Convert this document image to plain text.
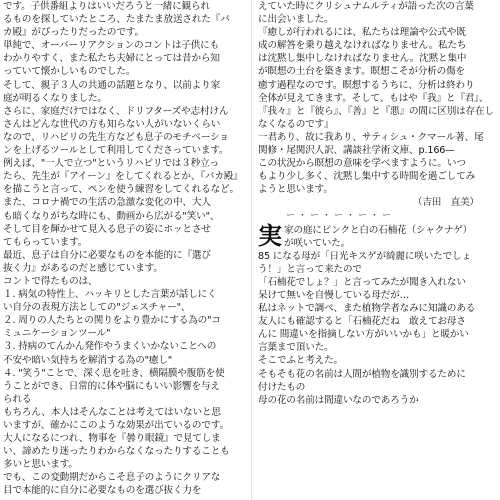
です。子供番組よりはいいだろうと一緒に観られ
るものを探していたところ、たまたま放送された『バ
カ殿』がぴったりだったのです。
単純で、オーバーリアクションのコントは子供にも
わかりやすく、また私たち夫婦にとっては昔から知
っていて懐かしいものでした。
そして、親子３人の共通の話題となり、以前より家
庭が明るくなりました。
さらに、家庭だけではなく、ドリフターズや志村けん
さんはどんな世代の方も知らない人がいないくらい
なので、リハビリの先生方なども息子のモチベーショ
ンを上げるツールとして利用してくださっています。
例えば、"一人で立つ"というリハビリでは３秒立っ
たら、先生が『アイーン』をしてくれるとか、『バカ殿』
を描こうと言って、ペンを使う練習をしてくれるなど。
また、コロナ禍での生活の急激な変化の中、大人
も暗くなりがちな時にも、動画から広がる"笑い"、
そして目を輝かせて見入る息子の姿にホッとさせ
てもらっています。
最近、息子は自分に必要なものを本能的に『選び
抜く力』があるのだと感じています。
コントで得たものは、
１. 病気の特性上、ハッキリとした言葉が話しにく
い自分の表現方法としての"ジェスチャー"、
２. 周りの人たちとの関りをより豊かにする為の"コ
ミュニケーションツール"
３. 持病のてんかん発作やうまくいかないことへの
不安や暗い気持ちを解消する為の"癒し"
４. "笑う"ことで、深く息を吐き、横隔膜や腹筋を使
うことができ、日常的に体や脳にもいい影響を与え
られる
もちろん、本人はそんなことは考えてはいないと思
いますが、確かにこのような効果が出ているのです。
大人になるにつれ、物事を『曇り眼鏡』で見てしま
い、諦めたり迷ったりわからなくなったりすることも
多いと思います。
でも、この変動期だからこそ息子のようにクリアな
目で本能的に自分に必要なものを選び抜く力を
えていた時にクリシュナムルティが語った次の言葉
に出会いました。
『癒しが行われるには、私たちは理論や公式や既
成の解答を乗り越えなければなりません。私たち
は沈黙し集中しなければなりません。沈黙と集中
が瞑想の土台を築きます。瞑想こそが分析の傷を
癒す過程なのです。瞑想するうちに、分析は終わり
全体が見えてきます。そして、もはや『我』と『君』、
『我々』と『彼ら』、『善』と『悪』の間に区別は存在し
なくなるのです』
一君あり、故に我あり、サティシュ・クマール著、尾
関修・尾関沢人訳、講談社学術文庫、p.166—
この状況から瞑想の意味を学べますように。いつ
もより少し多く、沈黙し集中する時間を過ごしてみ
ようと思います。
（吉田　直美）
ー・ー・ー・ー・ー
実 家の庭にピンクと白の石楠花（シャクナゲ）
が咲いていた。
85 になる母が「日光キスゲが綺麗に咲いたでしょ
う！」と言って来たので
「石楠花でしょ？」と言ってみたが聞き入れない
呆けて無いを自慢している母だが…
私はネットで調べ、また植物学者なみに知識のある
友人にも確認すると「石楠花だね　敢えてお母さ
んに 間違いを指摘しない方がいいかも」と暖かい
言葉まで頂いた。
そこでふと考えた。
そもそも花の名前は人間が植物を識別するために
付けたもの
母の花の名前は間違いなのであろうか
